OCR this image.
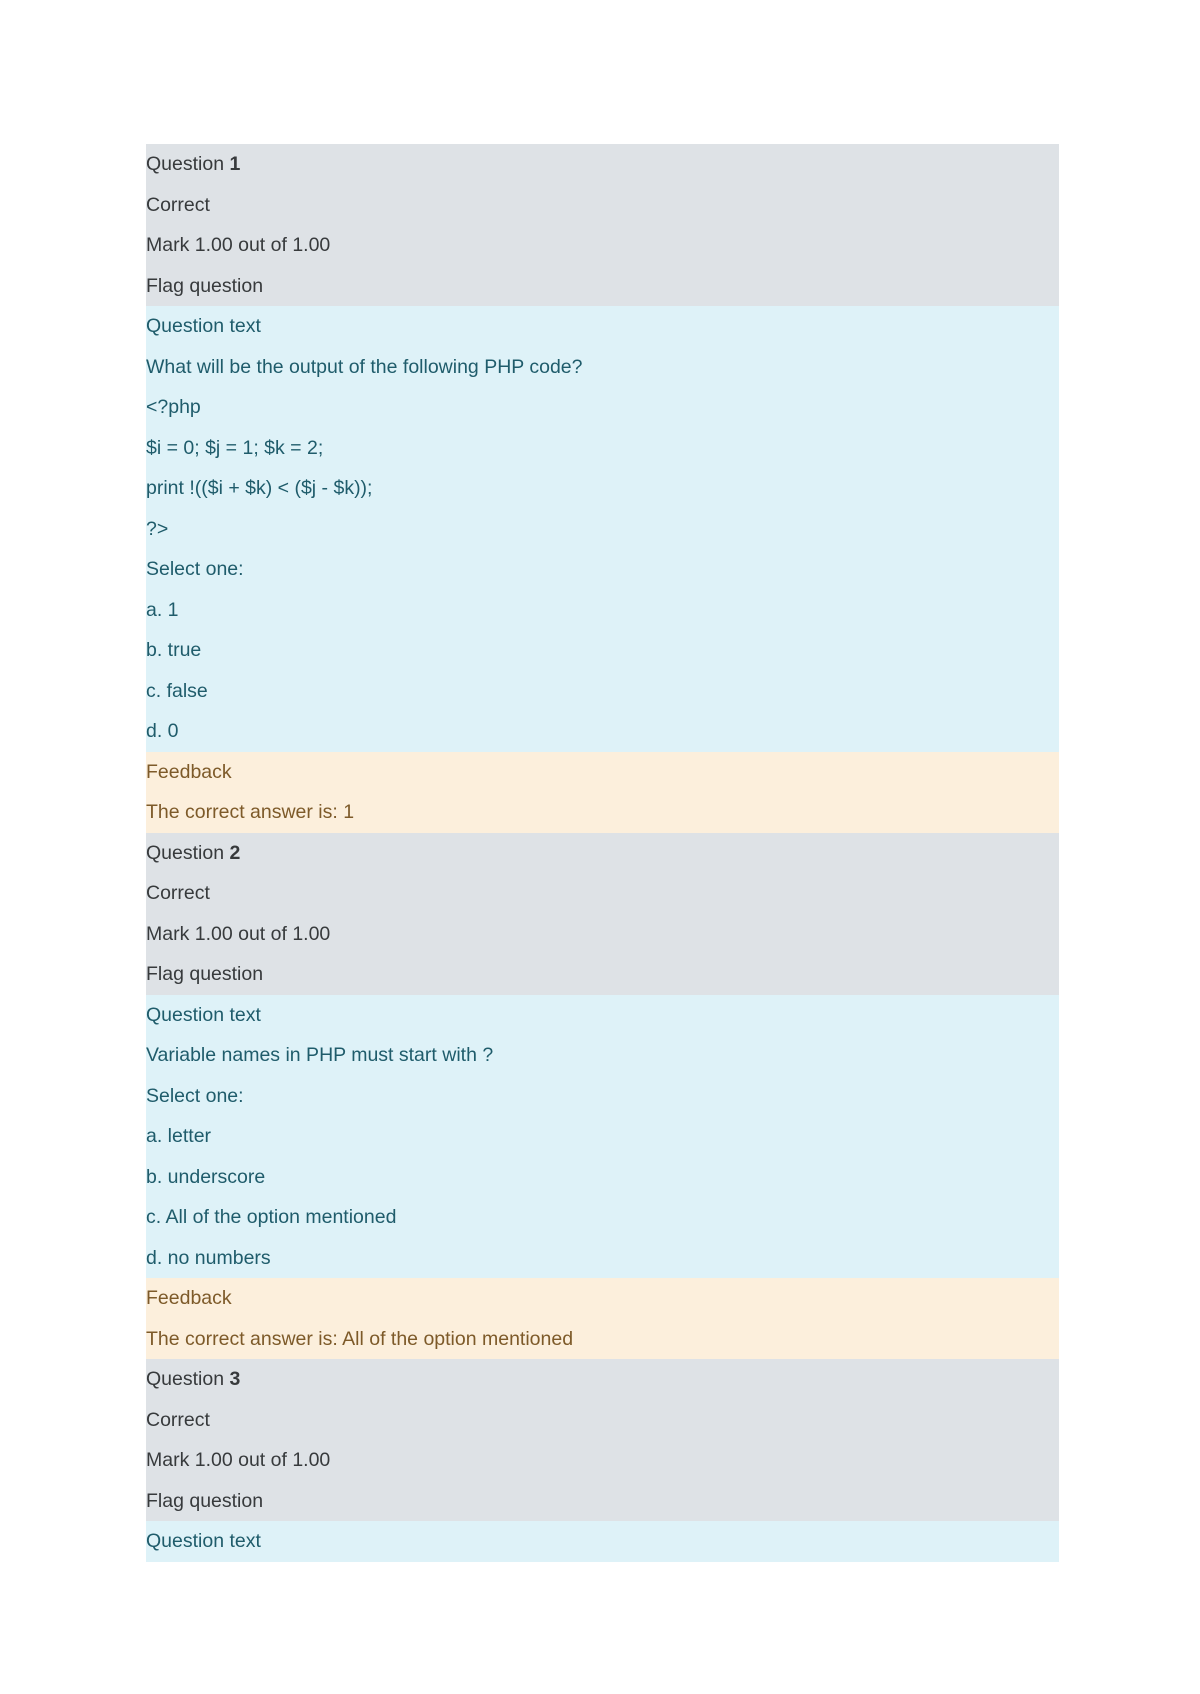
Question 1
Correct
Mark 1.00 out of 1.00
Flag question
Question text
What will be the output of the following PHP code?
<?php
$i = 0; $j = 1; $k = 2;
print !(($i + $k) < ($j - $k));
?>
Select one:
a. 1
b. true
c. false
d. 0
Feedback
The correct answer is: 1
Question 2
Correct
Mark 1.00 out of 1.00
Flag question
Question text
Variable names in PHP must start with ?
Select one:
a. letter
b. underscore
c. All of the option mentioned
d. no numbers
Feedback
The correct answer is: All of the option mentioned
Question 3
Correct
Mark 1.00 out of 1.00
Flag question
Question text
